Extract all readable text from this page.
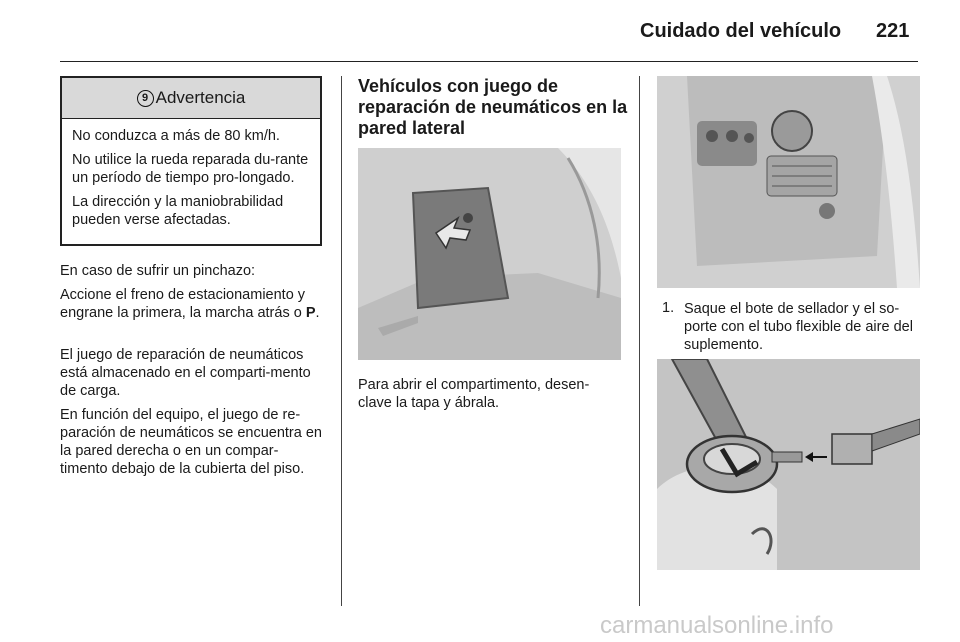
Cuidado del vehículo 221
9 Advertencia

No conduzca a más de 80 km/h.

No utilice la rueda reparada du-rante un período de tiempo pro-longado.

La dirección y la maniobrabilidad pueden verse afectadas.

En caso de sufrir un pinchazo:

Accione el freno de estacionamiento y engrane la primera, la marcha atrás o P.

El juego de reparación de neumáticos está almacenado en el comparti-mento de carga.

En función del equipo, el juego de re-paración de neumáticos se encuentra en la pared derecha o en un compar-timento debajo de la cubierta del piso.

Vehículos con juego de reparación de neumáticos en la pared lateral

Para abrir el compartimento, desen-clave la tapa y ábrala.

1. Saque el bote de sellador y el so-porte con el tubo flexible de aire del suplemento.

carmanualsonline.info
